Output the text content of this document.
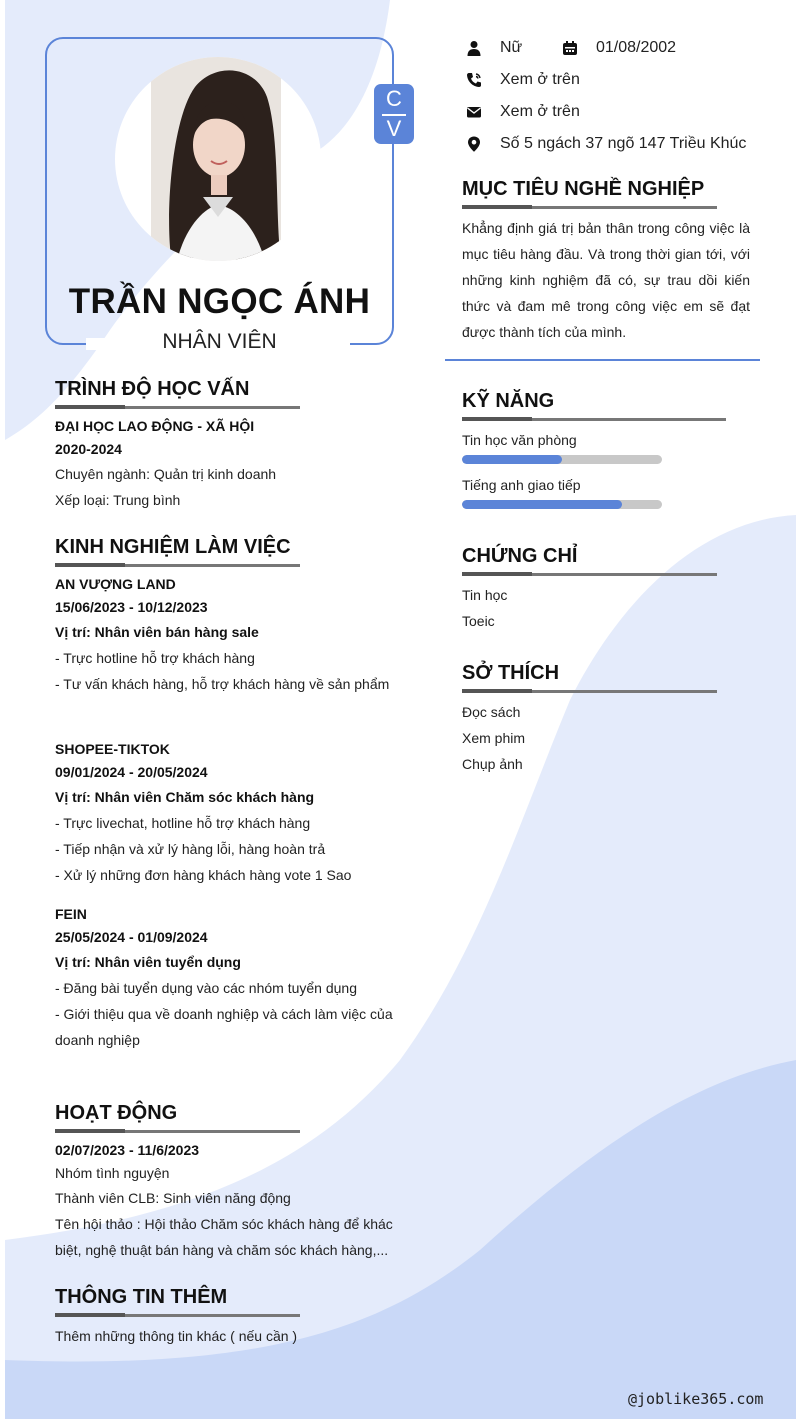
C
V
TRẦN NGỌC ÁNH
NHÂN VIÊN
Nữ	01/08/2002
Xem ở trên
Xem ở trên
Số 5 ngách 37 ngõ 147 Triều Khúc
MỤC TIÊU NGHỀ NGHIỆP
Khẳng định giá trị bản thân trong công việc là mục tiêu hàng đầu. Và trong thời gian tới, với những kinh nghiệm đã có, sự trau dồi kiến thức và đam mê trong công việc em sẽ đạt được thành tích của mình.
TRÌNH ĐỘ HỌC VẤN
ĐẠI HỌC LAO ĐỘNG - XÃ HỘI
2020-2024
Chuyên ngành: Quản trị kinh doanh
Xếp loại: Trung bình
KINH NGHIỆM LÀM VIỆC
AN VƯỢNG LAND
15/06/2023 - 10/12/2023
Vị trí: Nhân viên bán hàng sale
- Trực hotline hỗ trợ khách hàng
- Tư vấn khách hàng, hỗ trợ khách hàng về sản phẩm
SHOPEE-TIKTOK
09/01/2024 - 20/05/2024
Vị trí: Nhân viên Chăm sóc khách hàng
- Trực livechat, hotline hỗ trợ khách hàng
- Tiếp nhận và xử lý hàng lỗi, hàng hoàn trả
- Xử lý những đơn hàng khách hàng vote 1 Sao
FEIN
25/05/2024 - 01/09/2024
Vị trí: Nhân viên tuyển dụng
- Đăng bài tuyển dụng vào các nhóm tuyển dụng
- Giới thiệu qua về doanh nghiệp và cách làm việc của doanh nghiệp
HOẠT ĐỘNG
02/07/2023 - 11/6/2023
Nhóm tình nguyện
Thành viên CLB: Sinh viên năng động
Tên hội thảo : Hội thảo Chăm sóc khách hàng để khác biệt, nghệ thuật bán hàng và chăm sóc khách hàng,...
THÔNG TIN THÊM
Thêm những thông tin khác ( nếu cần )
KỸ NĂNG
Tin học văn phòng
Tiếng anh giao tiếp
CHỨNG CHỈ
Tin học
Toeic
SỞ THÍCH
Đọc sách
Xem phim
Chụp ảnh
@joblike365.com
